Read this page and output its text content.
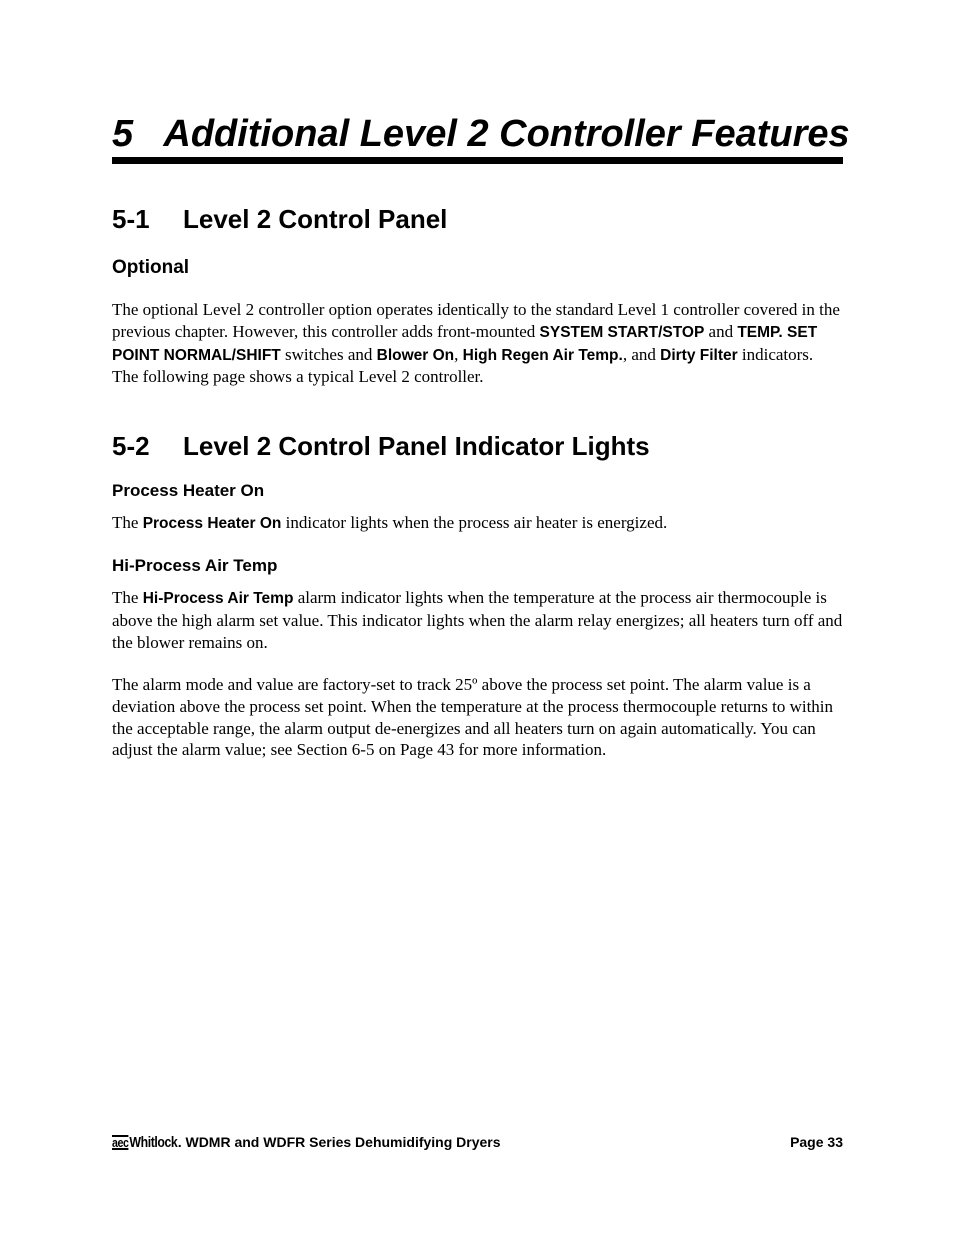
5 Additional Level 2 Controller Features
5-1 Level 2 Control Panel
Optional

The optional Level 2 controller option operates identically to the standard Level 1 controller covered in the previous chapter. However, this controller adds front-mounted SYSTEM START/STOP and TEMP. SET POINT NORMAL/SHIFT switches and Blower On, High Regen Air Temp., and Dirty Filter indicators. The following page shows a typical Level 2 controller.

5-2 Level 2 Control Panel Indicator Lights
Process Heater On

The Process Heater On indicator lights when the process air heater is energized.

Hi-Process Air Temp

The Hi-Process Air Temp alarm indicator lights when the temperature at the process air thermocouple is above the high alarm set value. This indicator lights when the alarm relay energizes; all heaters turn off and the blower remains on.

The alarm mode and value are factory-set to track 25º above the process set point. The alarm value is a deviation above the process set point. When the temperature at the process thermocouple returns to within the acceptable range, the alarm output de-energizes and all heaters turn on again automatically. You can adjust the alarm value; see Section 6-5 on Page 43 for more information.

aecWhitlock. WDMR and WDFR Series Dehumidifying Dryers	Page 33
